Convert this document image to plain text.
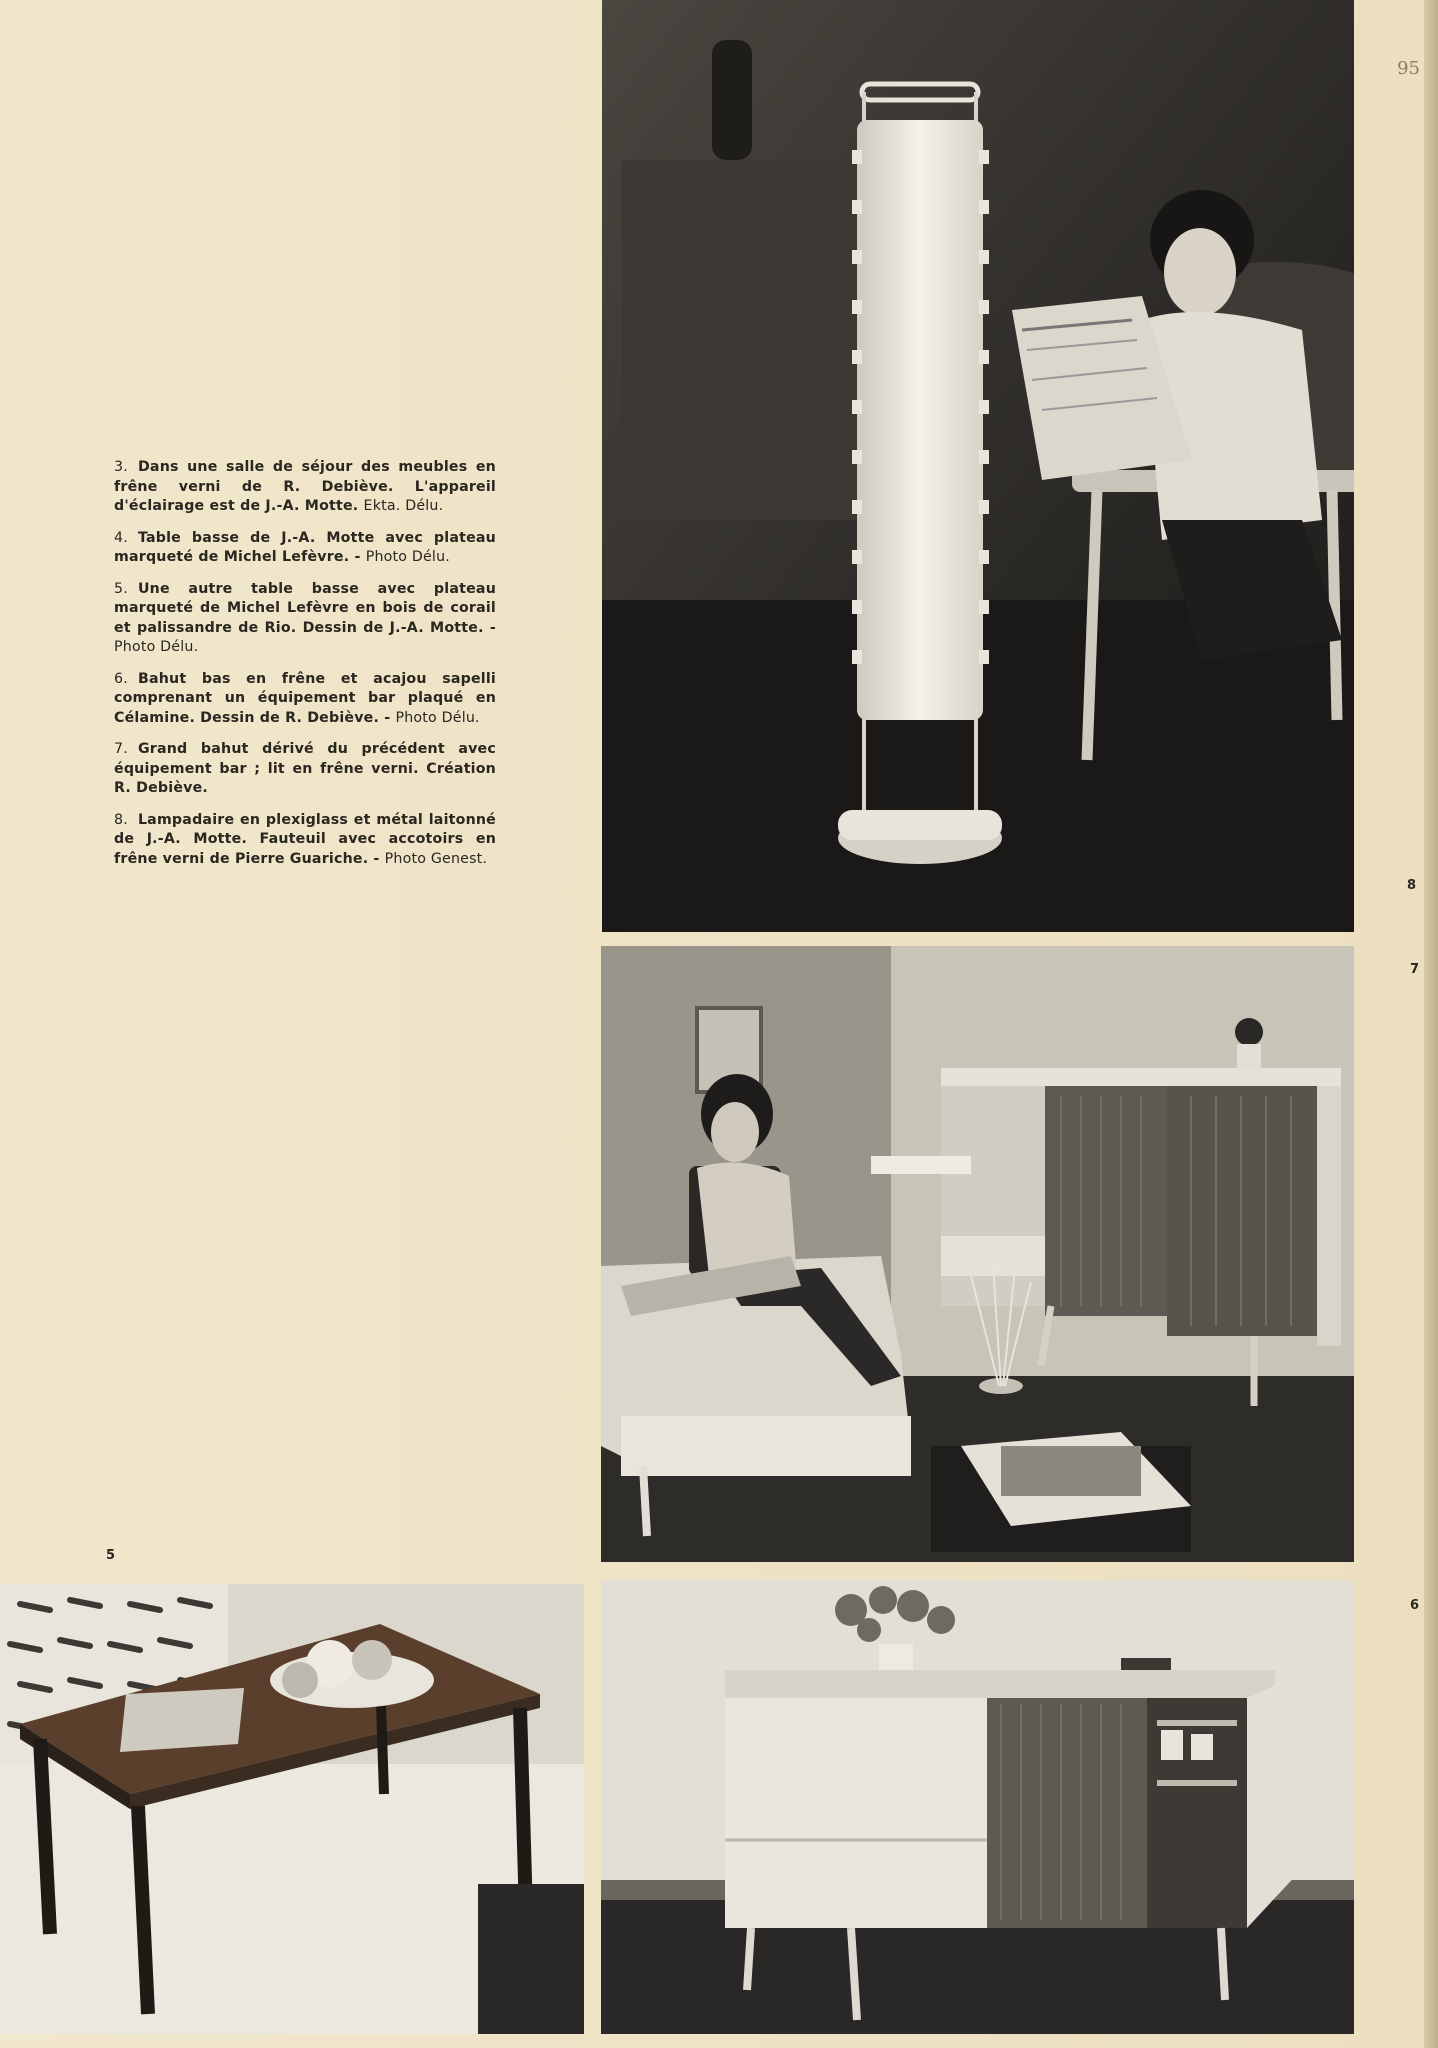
95

3. Dans une salle de séjour des meubles en frêne verni de R. Debiève. L'appareil d'éclairage est de J.-A. Motte. Ekta. Délu.

4. Table basse de J.-A. Motte avec plateau marqueté de Michel Lefèvre. - Photo Délu.

5. Une autre table basse avec plateau marqueté de Michel Lefèvre en bois de corail et palissandre de Rio. Dessin de J.-A. Motte. - Photo Délu.

6. Bahut bas en frêne et acajou sapelli comprenant un équipement bar plaqué en Célamine. Dessin de R. Debiève. - Photo Délu.

7. Grand bahut dérivé du précédent avec équipement bar ; lit en frêne verni. Création R. Debiève.

8. Lampadaire en plexiglass et métal laitonné de J.-A. Motte. Fauteuil avec accotoirs en frêne verni de Pierre Guariche. - Photo Genest.

8
7
5
6
